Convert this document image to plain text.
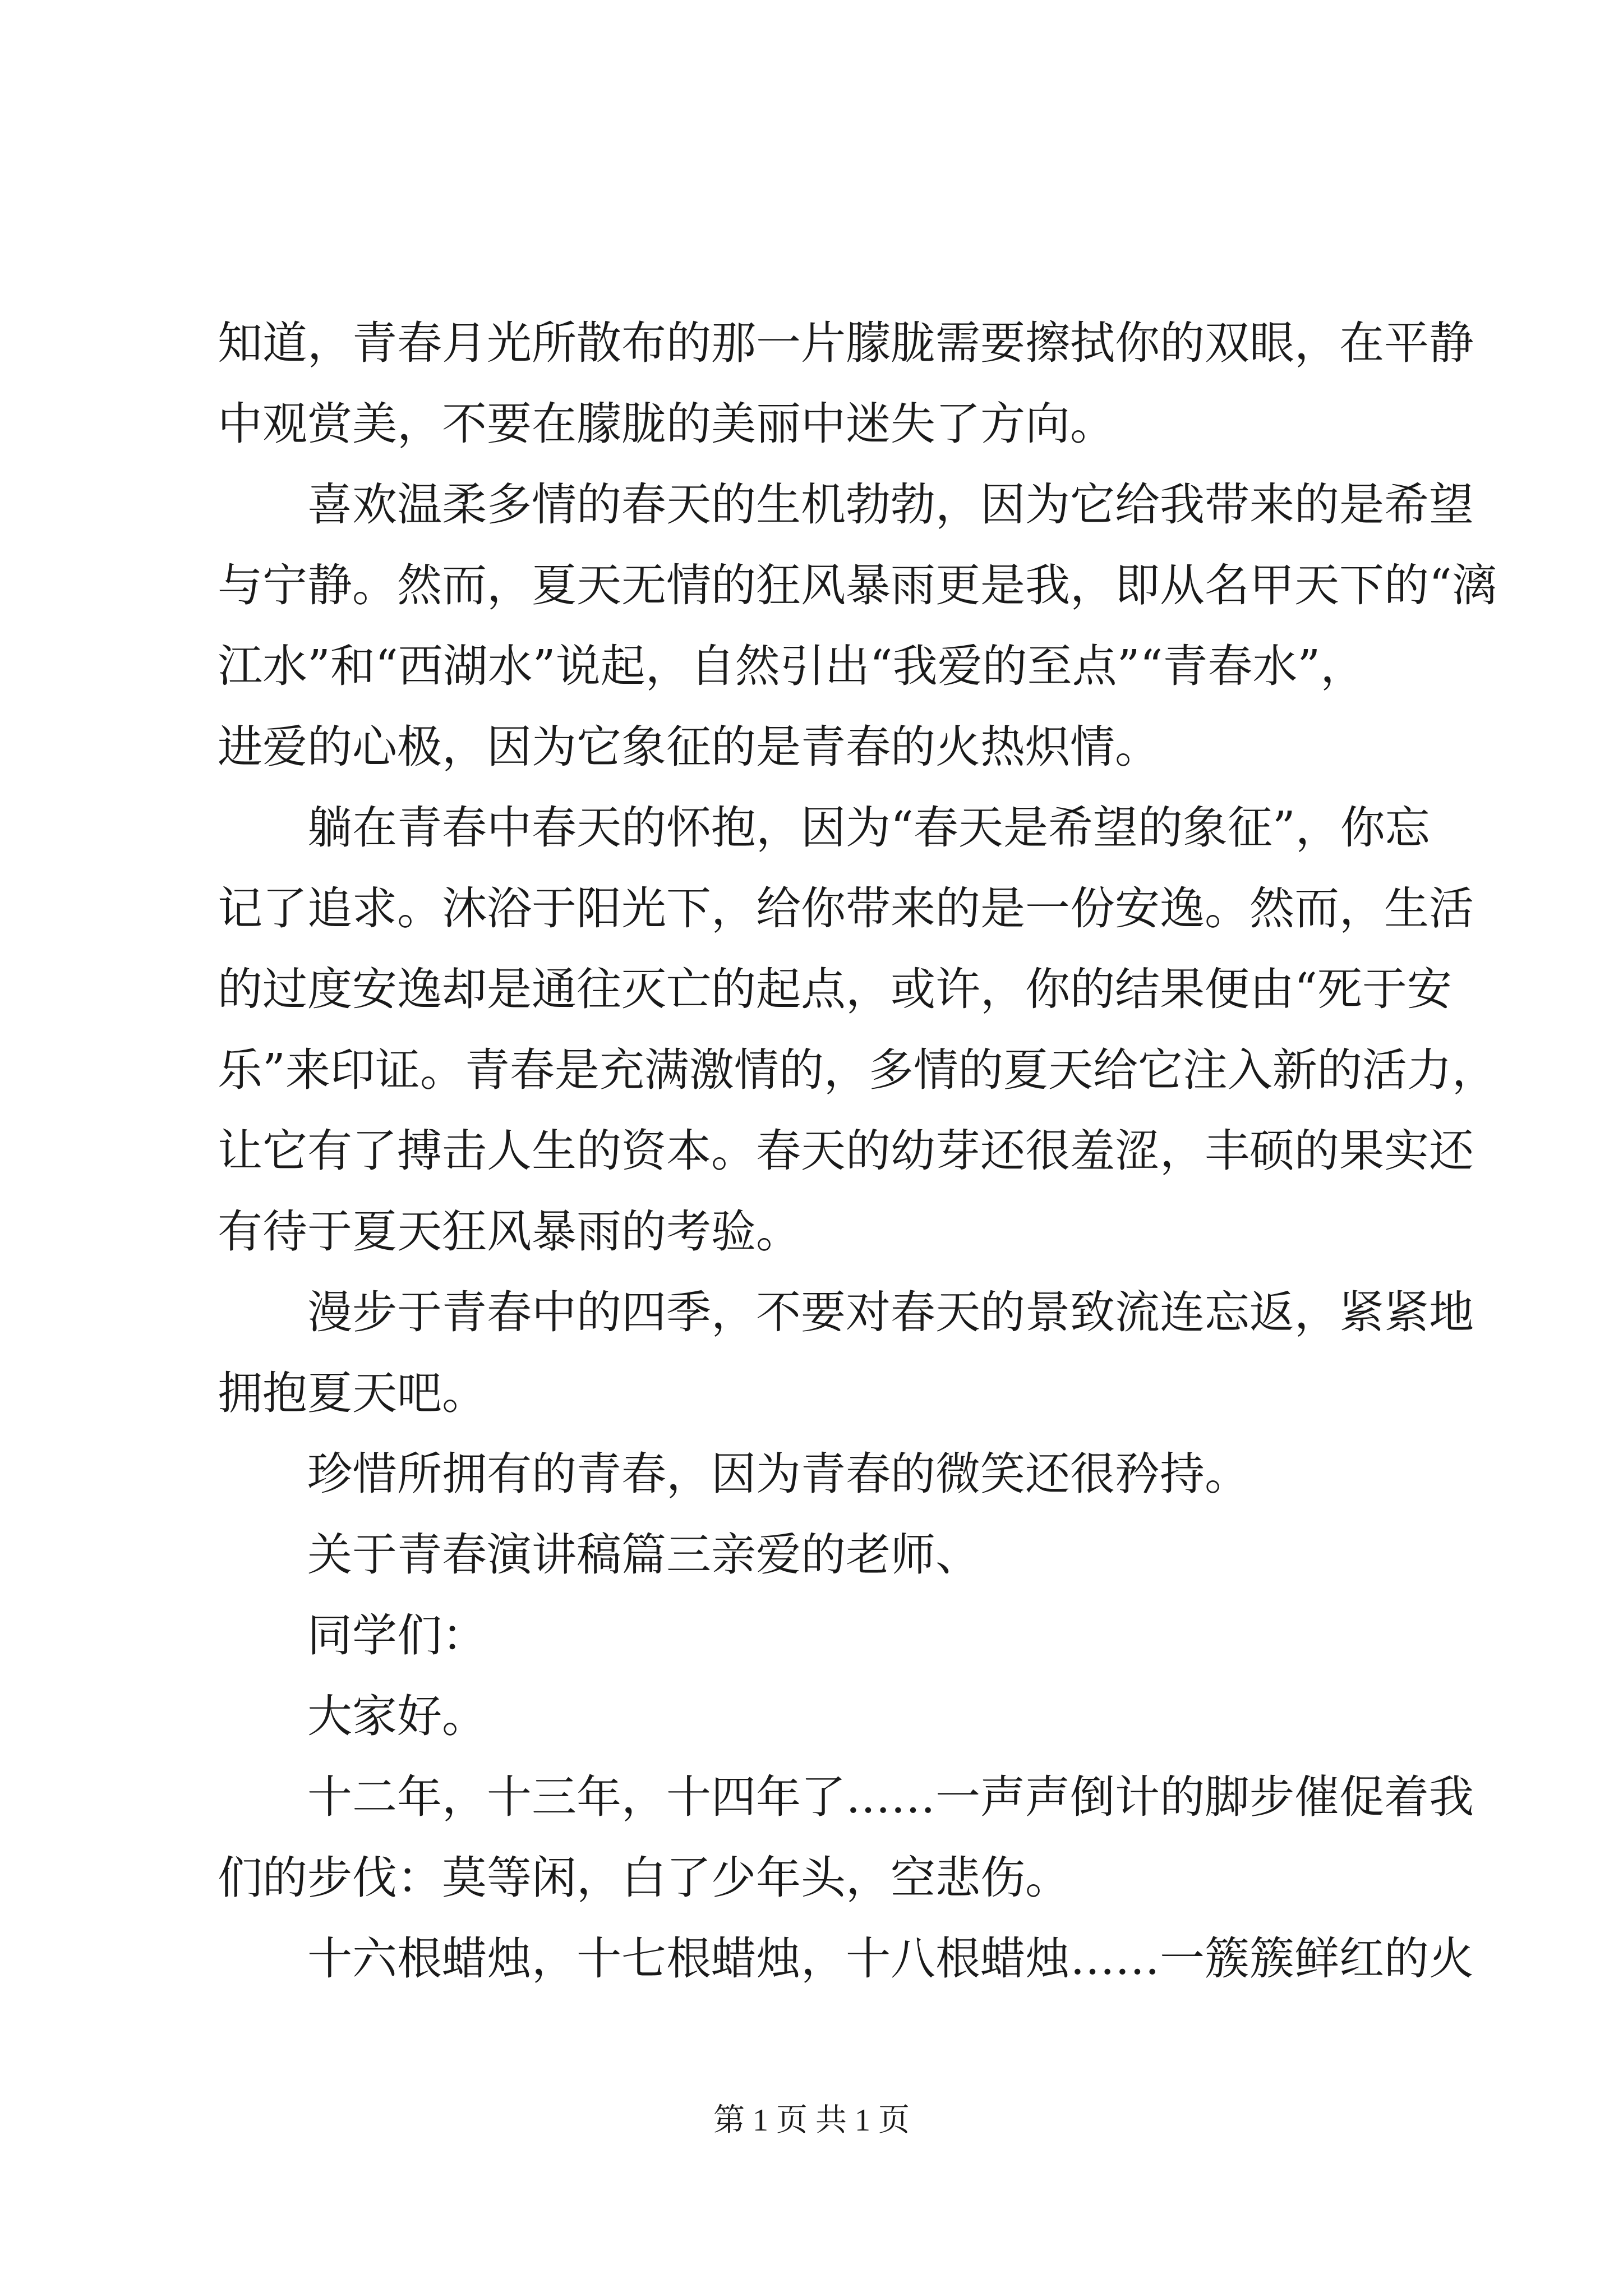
知道，青春月光所散布的那一片朦胧需要擦拭你的双眼，在平静
中观赏美，不要在朦胧的美丽中迷失了方向。
喜欢温柔多情的春天的生机勃勃，因为它给我带来的是希望
与宁静。然而，夏天无情的狂风暴雨更是我，即从名甲天下的“漓
江水”和“西湖水”说起，自然引出“我爱的至点”“青春水”，
进爱的心极，因为它象征的是青春的火热炽情。
躺在青春中春天的怀抱，因为“春天是希望的象征”，你忘
记了追求。沐浴于阳光下，给你带来的是一份安逸。然而，生活
的过度安逸却是通往灭亡的起点，或许，你的结果便由“死于安
乐”来印证。青春是充满激情的，多情的夏天给它注入新的活力，
让它有了搏击人生的资本。春天的幼芽还很羞涩，丰硕的果实还
有待于夏天狂风暴雨的考验。
漫步于青春中的四季，不要对春天的景致流连忘返，紧紧地
拥抱夏天吧。
珍惜所拥有的青春，因为青春的微笑还很矜持。
关于青春演讲稿篇三亲爱的老师、
同学们：
大家好。
十二年，十三年，十四年了……一声声倒计的脚步催促着我
们的步伐：莫等闲，白了少年头，空悲伤。
十六根蜡烛，十七根蜡烛，十八根蜡烛……一簇簇鲜红的火
第 1 页 共 1 页
